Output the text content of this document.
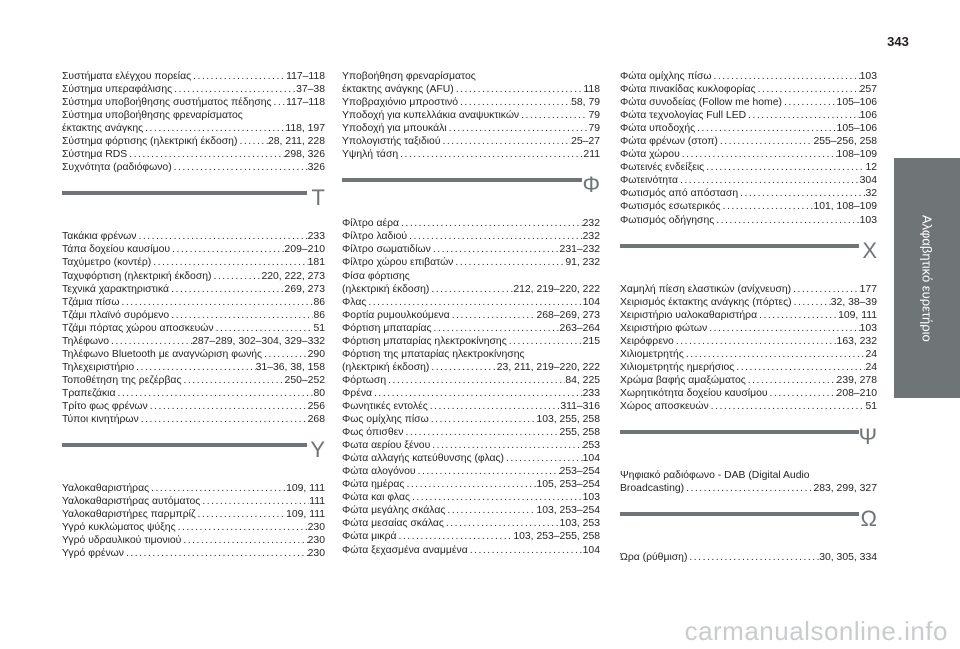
343
Αλφαβητικό ευρετήριο
Συστήματα ελέγχου πορείας .....	117–118
Σύστημα υπεραφάλισης .....	37–38
Σύστημα υποβοήθησης συστήματος πέδησης ..... 117–118
Σύστημα υποβοήθησης φρεναρίσματος
έκτακτης ανάγκης .....	118, 197
Σύστημα φόρτισης (ηλεκτρική έκδοση) .....	28, 211, 228
Σύστημα RDS .....	298, 326
Συχνότητα (ραδιόφωνο) .....	326
Τ
Τακάκια φρένων .....	233
Τάπα δοχείου καυσίμου .....	209–210
Ταχύμετρο (κοντέρ) .....	181
Ταχυφόρτιση (ηλεκτρική έκδοση) .....	220, 222, 273
Τεχνικά χαρακτηριστικά .....	269, 273
Τζάμια πίσω .....	86
Τζάμι πλαϊνό συρόμενο .....	86
Τζάμι πόρτας χώρου αποσκευών .....	51
Τηλέφωνο .....	287–289, 302–304, 329–332
Τηλέφωνο Bluetooth με αναγνώριση φωνής .....	290
Τηλεχειριστήριο .....	31–36, 38, 158
Τοποθέτηση της ρεζέρβας .....	250–252
Τραπεζάκια .....	80
Τρίτο φως φρένων .....	256
Τύποι κινητήρων .....	268
Υ
Υαλοκαθαριστήρας .....	109, 111
Υαλοκαθαριστήρας αυτόματος .....	111
Υαλοκαθαριστήρες παρμπρίζ .....	109, 111
Υγρό κυκλώματος ψύξης .....	230
Υγρό υδραυλικού τιμονιού .....	230
Υγρό φρένων .....	230
Υποβοήθηση φρεναρίσματος
έκτακτης ανάγκης (AFU) .....	118
Υποβραχιόνιο μπροστινό .....	58, 79
Υποδοχή για κυπελλάκια αναψυκτικών .....	79
Υποδοχή για μπουκάλι .....	79
Υπολογιστής ταξιδιού .....	25–27
Υψηλή τάση .....	211
Φ
Φίλτρο αέρα .....	232
Φίλτρο λαδιού .....	232
Φίλτρο σωματιδίων .....	231–232
Φίλτρο χώρου επιβατών .....	91, 232
Φίσα φόρτισης
(ηλεκτρική έκδοση) .....	212, 219–220, 222
Φλας .....	104
Φορτία ρυμουλκούμενα .....	268–269, 273
Φόρτιση μπαταρίας .....	263–264
Φόρτιση μπαταρίας ηλεκτροκίνησης .....	215
Φόρτιση της μπαταρίας ηλεκτροκίνησης
(ηλεκτρική έκδοση) .....	23, 211, 219–220, 222
Φόρτωση .....	84, 225
Φρένα .....	233
Φωνητικές εντολές .....	311–316
Φως ομίχλης πίσω .....	103, 255, 258
Φως όπισθεν .....	255, 258
Φωτα αερίου ξένου .....	253
Φώτα αλλαγής κατεύθυνσης (φλας) .....	104
Φώτα αλογόνου .....	253–254
Φώτα ημέρας .....	105, 253–254
Φώτα και φλας .....	103
Φώτα μεγάλης σκάλας .....	103, 253–254
Φώτα μεσαίας σκάλας .....	103, 253
Φώτα μικρά .....	103, 253–255, 258
Φώτα ξεχασμένα αναμμένα .....	104
Φώτα ομίχλης πίσω .....	103
Φώτα πινακίδας κυκλοφορίας .....	257
Φώτα συνοδείας (Follow me home) .....	105–106
Φώτα τεχνολογίας Full LED .....	106
Φώτα υποδοχής .....	105–106
Φώτα φρένων (στοπ) .....	255–256, 258
Φώτα χώρου .....	108–109
Φωτεινές ενδείξεις .....	12
Φωτεινότητα .....	304
Φωτισμός από απόσταση .....	32
Φωτισμός εσωτερικός .....	101, 108–109
Φωτισμός οδήγησης .....	103
Χ
Χαμηλή πίεση ελαστικών (ανίχνευση) .....	177
Χειρισμός έκτακτης ανάγκης (πόρτες) .....	32, 38–39
Χειριστήριο υαλοκαθαριστήρα .....	109, 111
Χειριστήριο φώτων .....	103
Χειρόφρενο .....	163, 232
Χιλιομετρητής .....	24
Χιλιομετρητής ημερήσιος .....	24
Χρώμα βαφής αμαξώματος .....	239, 278
Χωρητικότητα δοχείου καυσίμου .....	208–210
Χώρος αποσκευών .....	51
Ψ
Ψηφιακό ραδιόφωνο - DAB (Digital Audio
Broadcasting) .....	283, 299, 327
Ω
Ώρα (ρύθμιση) .....	30, 305, 334
carmanualsonline.info
